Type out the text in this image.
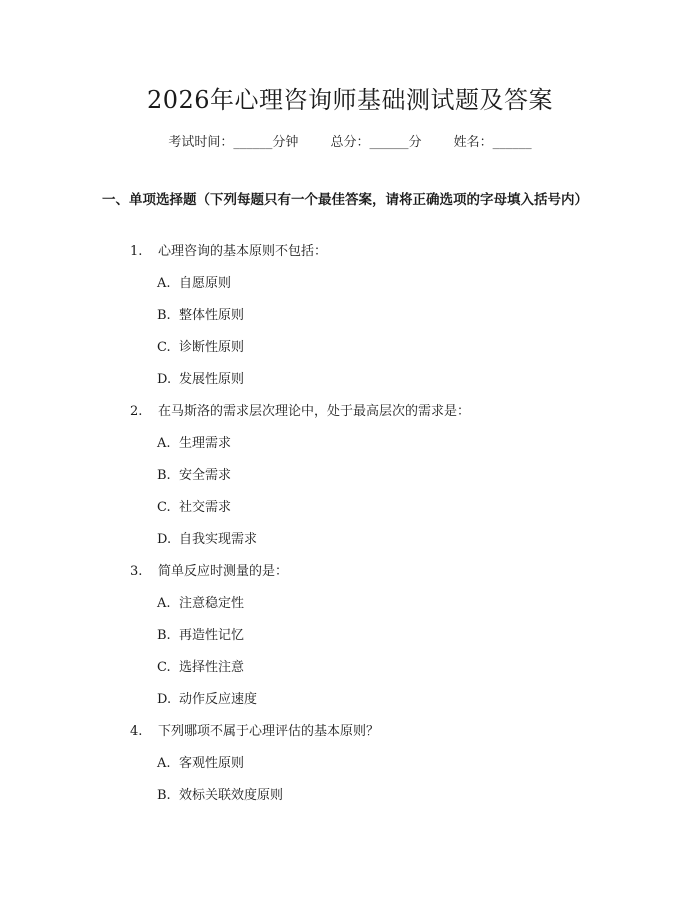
2026年心理咨询师基础测试题及答案
考试时间：______分钟 总分：______分 姓名：______
一、单项选择题（下列每题只有一个最佳答案，请将正确选项的字母填入括号内）
1. 心理咨询的基本原则不包括：
A. 自愿原则
B. 整体性原则
C. 诊断性原则
D. 发展性原则
2. 在马斯洛的需求层次理论中，处于最高层次的需求是：
A. 生理需求
B. 安全需求
C. 社交需求
D. 自我实现需求
3. 简单反应时测量的是：
A. 注意稳定性
B. 再造性记忆
C. 选择性注意
D. 动作反应速度
4. 下列哪项不属于心理评估的基本原则？
A. 客观性原则
B. 效标关联效度原则
